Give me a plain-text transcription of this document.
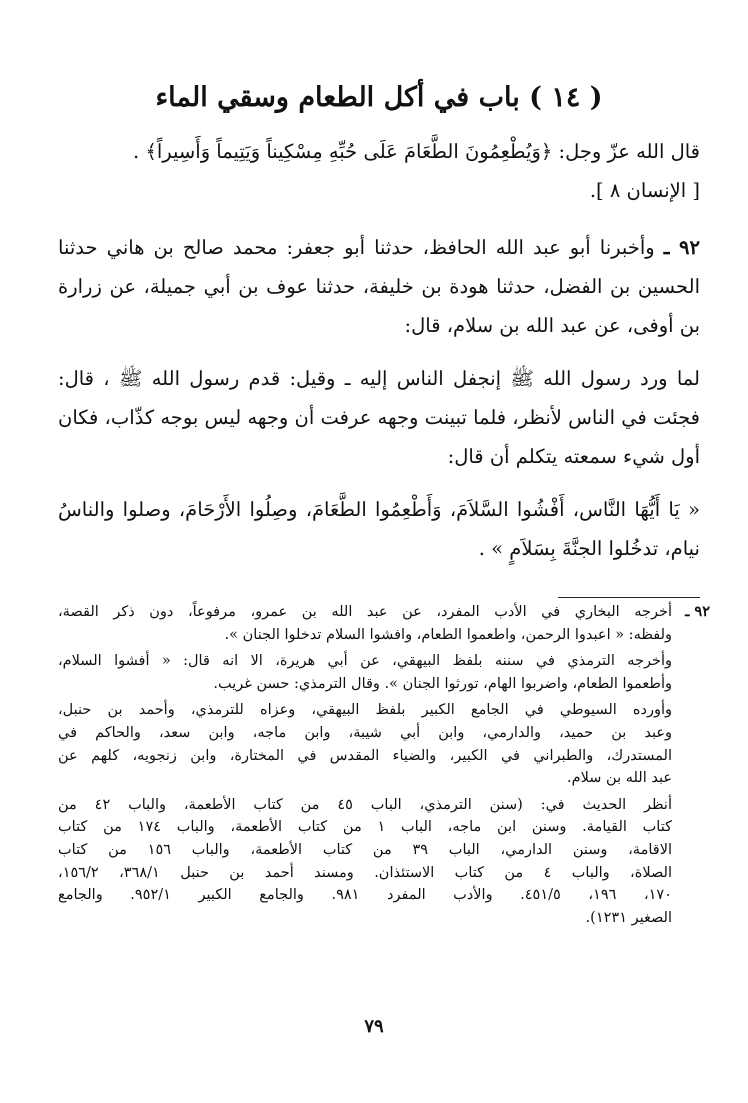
( ١٤ ) باب في أكل الطعام وسقي الماء

قال الله عزّ وجل: ﴿وَيُطْعِمُونَ الطَّعَامَ عَلَى حُبِّهِ مِسْكِيناً وَيَتِيماً وَأَسِيراً﴾ .
[ الإنسان ٨ ].

٩٢ ـ وأخبرنا أبو عبد الله الحافظ، حدثنا أبو جعفر: محمد صالح بن هاني حدثنا الحسين بن الفضل، حدثنا هودة بن خليفة، حدثنا عوف بن أبي جميلة، عن زرارة بن أوفى، عن عبد الله بن سلام، قال:

لما ورد رسول الله ﷺ إنجفل الناس إليه ـ وقيل: قدم رسول الله ﷺ ، قال: فجئت في الناس لأنظر، فلما تبينت وجهه عرفت أن وجهه ليس بوجه كذّاب، فكان أول شيء سمعته يتكلم أن قال:

« يَا أَيُّهَا النَّاس، أَفْشُوا السَّلاَمَ، وَأَطْعِمُوا الطَّعَامَ، وصِلُوا الأَرْحَامَ، وصلوا والناسُ نيام، تدخُلوا الجنَّةَ بِسَلاَمٍ » .

٩٢ ـ
أخرجه البخاري في الأدب المفرد، عن عبد الله بن عمرو، مرفوعاً، دون ذكر القصة،
ولفظه: « اعبدوا الرحمن، واطعموا الطعام، وافشوا السلام تدخلوا الجنان ».
وأخرجه الترمذي في سننه بلفظ البيهقي، عن أبي هريرة، الا انه قال: « أفشوا السلام،
وأطعموا الطعام، واضربوا الهام، تورثوا الجنان ». وقال الترمذي: حسن غريب.
وأورده السيوطي في الجامع الكبير بلفظ البيهقي، وعزاه للترمذي، وأحمد بن حنبل،
وعبد بن حميد، والدارمي، وابن أبي شيبة، وابن ماجه، وابن سعد، والحاكم في
المستدرك، والطبراني في الكبير، والضياء المقدس في المختارة، وابن زنجويه، كلهم عن
عبد الله بن سلام.
أنظر الحديث في: (سنن الترمذي، الباب ٤٥ من كتاب الأطعمة، والباب ٤٢ من
كتاب القيامة. وسنن ابن ماجه، الباب ١ من كتاب الأطعمة، والباب ١٧٤ من كتاب
الاقامة، وسنن الدارمي، الباب ٣٩ من كتاب الأطعمة، والباب ١٥٦ من كتاب
الصلاة، والباب ٤ من كتاب الاستئذان. ومسند أحمد بن حنبل ٣٦٨/١، ١٥٦/٢،
١٧٠، ١٩٦، ٤٥١/٥. والأدب المفرد ٩٨١. والجامع الكبير ٩٥٢/١. والجامع
الصغير ١٢٣١).
٧٩
